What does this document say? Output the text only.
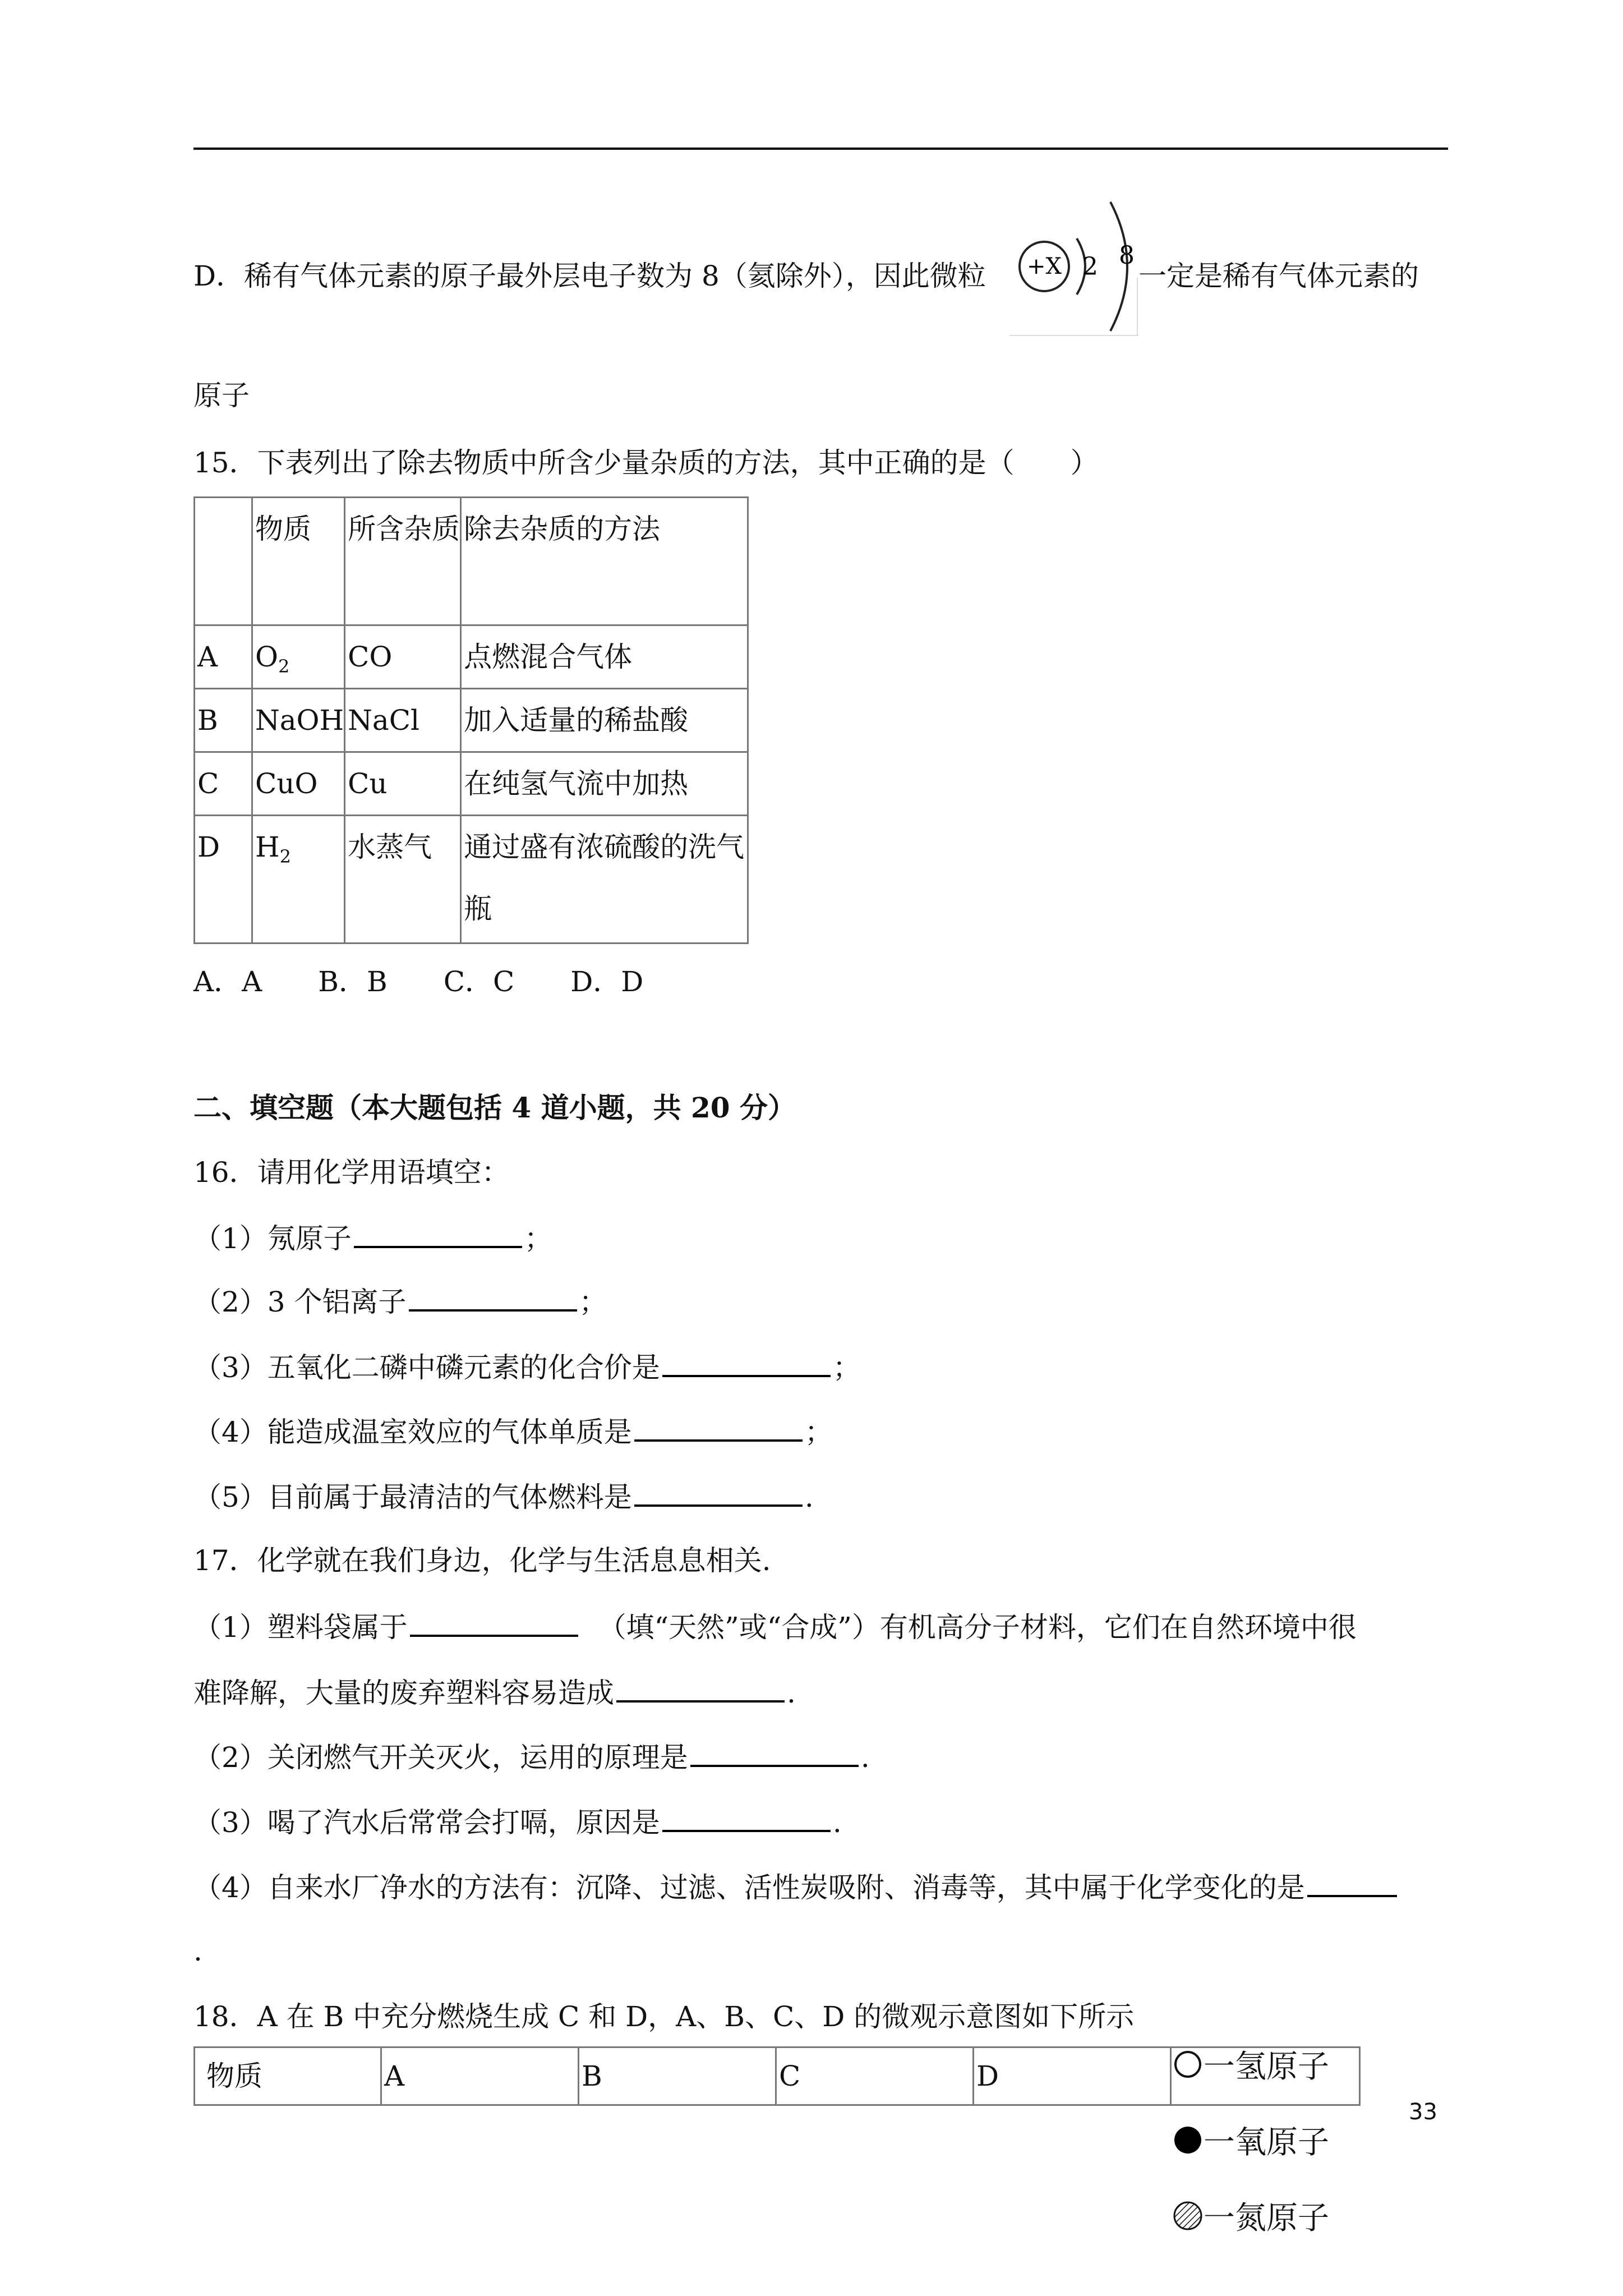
D．稀有气体元素的原子最外层电子数为 8（氦除外），因此微粒 +X 2 8
一定是稀有气体元素的
原子
15．下表列出了除去物质中所含少量杂质的方法，其中正确的是（　　）
	物质	所含杂质	除去杂质的方法
A	$O_2$	CO	点燃混合气体
B	NaOH	NaCl	加入适量的稀盐酸
C	CuO	Cu	在纯氢气流中加热
D	$H_2$	水蒸气	通过盛有浓硫酸的洗气瓶
A．A　　B．B　　C．C　　D．D
二、填空题（本大题包括 4 道小题，共 20 分）
16．请用化学用语填空：
（1）氖原子	；
（2）3 个铝离子	；
（3）五氧化二磷中磷元素的化合价是	；
（4）能造成温室效应的气体单质是	；
（5）目前属于最清洁的气体燃料是	.
17．化学就在我们身边，化学与生活息息相关.
（1）塑料袋属于	（填“天然”或“合成”）有机高分子材料，它们在自然环境中很
难降解，大量的废弃塑料容易造成	.
（2）关闭燃气开关灭火，运用的原理是	.
（3）喝了汽水后常常会打嗝，原因是	.
（4）自来水厂净水的方法有：沉降、过滤、活性炭吸附、消毒等，其中属于化学变化的是
.
18．A 在 B 中充分燃烧生成 C 和 D，A、B、C、D 的微观示意图如下所示
物质	A	B	C	D		一氢原子
一氧原子
一氮原子
33
